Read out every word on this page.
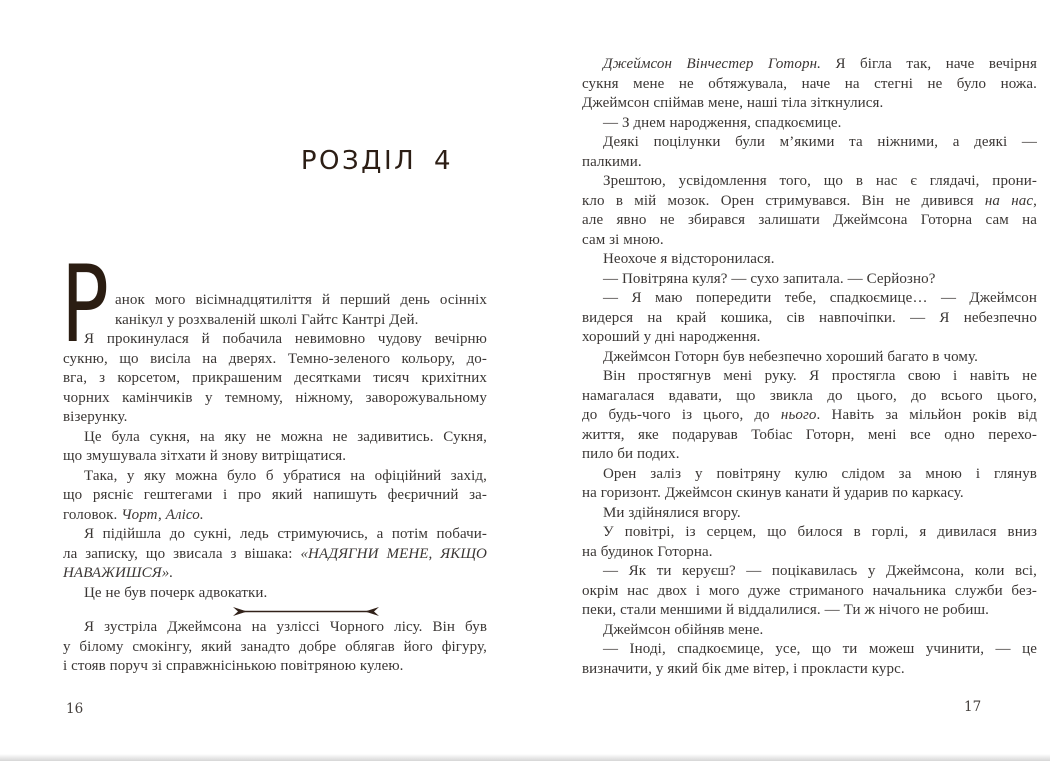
РОЗДІЛ 4
Р анок мого вісімнадцятиліття й перший день осінніх
канікул у розхваленій школі Гайтс Кантрі Дей.
Я прокинулася й побачила невимовно чудову вечірню
сукню, що висіла на дверях. Темно-зеленого кольору, до-
вга, з корсетом, прикрашеним десятками тисяч крихітних
чорних камінчиків у темному, ніжному, заворожувальному
візерунку.
Це була сукня, на яку не можна не задивитись. Сукня,
що змушувала зітхати й знову витріщатися.
Така, у яку можна було б убратися на офіційний захід,
що рясніє гештегами і про який напишуть феєричний за-
головок. Чорт, Алісо.
Я підійшла до сукні, ледь стримуючись, а потім побачи-
ла записку, що звисала з вішака: «НАДЯГНИ МЕНЕ, ЯКЩО
НАВАЖИШСЯ».
Це не був почерк адвокатки.
Я зустріла Джеймсона на узліссі Чорного лісу. Він був
у білому смокінгу, який занадто добре облягав його фігуру,
і стояв поруч зі справжнісінькою повітряною кулею.
Джеймсон Вінчестер Готорн. Я бігла так, наче вечірня
сукня мене не обтяжувала, наче на стегні не було ножа.
Джеймсон спіймав мене, наші тіла зіткнулися.
— З днем народження, спадкоємице.
Деякі поцілунки були м’якими та ніжними, а деякі —
палкими.
Зрештою, усвідомлення того, що в нас є глядачі, прони-
кло в мій мозок. Орен стримувався. Він не дивився на нас,
але явно не збирався залишати Джеймсона Готорна сам на
сам зі мною.
Неохоче я відсторонилася.
— Повітряна куля? — сухо запитала. — Серйозно?
— Я маю попередити тебе, спадкоємице… — Джеймсон
видерся на край кошика, сів навпочіпки. — Я небезпечно
хороший у дні народження.
Джеймсон Готорн був небезпечно хороший багато в чому.
Він простягнув мені руку. Я простягла свою і навіть не
намагалася вдавати, що звикла до цього, до всього цього,
до будь-чого із цього, до нього. Навіть за мільйон років від
життя, яке подарував Тобіас Готорн, мені все одно перехо-
пило би подих.
Орен заліз у повітряну кулю слідом за мною і глянув
на горизонт. Джеймсон скинув канати й ударив по каркасу.
Ми здійнялися вгору.
У повітрі, із серцем, що билося в горлі, я дивилася вниз
на будинок Готорна.
— Як ти керуєш? — поцікавилась у Джеймсона, коли всі,
окрім нас двох і мого дуже стриманого начальника служби без-
пеки, стали меншими й віддалилися. — Ти ж нічого не робиш.
Джеймсон обійняв мене.
— Іноді, спадкоємице, усе, що ти можеш учинити, — це
визначити, у який бік дме вітер, і прокласти курс.
16	17
